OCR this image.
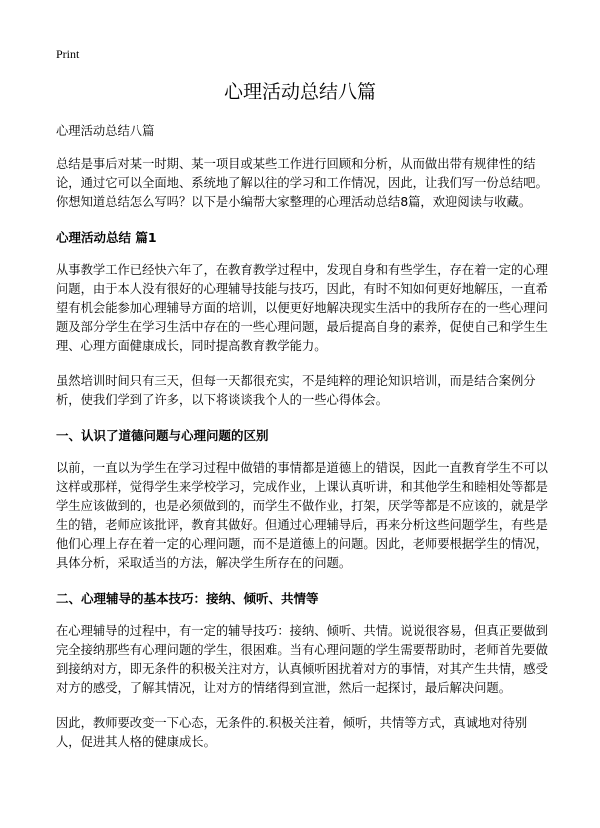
Print
心理活动总结八篇

心理活动总结八篇

总结是事后对某一时期、某一项目或某些工作进行回顾和分析，从而做出带有规律性的结论，通过它可以全面地、系统地了解以往的学习和工作情况，因此，让我们写一份总结吧。你想知道总结怎么写吗？以下是小编帮大家整理的心理活动总结8篇，欢迎阅读与收藏。

心理活动总结 篇1

从事教学工作已经快六年了，在教育教学过程中，发现自身和有些学生，存在着一定的心理问题，由于本人没有很好的心理辅导技能与技巧，因此，有时不知如何更好地解压，一直希望有机会能参加心理辅导方面的培训，以便更好地解决现实生活中的我所存在的一些心理问题及部分学生在学习生活中存在的一些心理问题，最后提高自身的素养，促使自己和学生生理、心理方面健康成长，同时提高教育教学能力。

虽然培训时间只有三天，但每一天都很充实，不是纯粹的理论知识培训，而是结合案例分析，使我们学到了许多，以下将谈谈我个人的一些心得体会。

一、认识了道德问题与心理问题的区别

以前，一直以为学生在学习过程中做错的事情都是道德上的错误，因此一直教育学生不可以这样或那样，觉得学生来学校学习，完成作业，上课认真听讲，和其他学生和睦相处等都是学生应该做到的，也是必须做到的，而学生不做作业，打架，厌学等都是不应该的，就是学生的错，老师应该批评，教育其做好。但通过心理辅导后，再来分析这些问题学生，有些是他们心理上存在着一定的心理问题，而不是道德上的问题。因此，老师要根据学生的情况，具体分析，采取适当的方法，解决学生所存在的问题。

二、心理辅导的基本技巧：接纳、倾听、共情等

在心理辅导的过程中，有一定的辅导技巧：接纳、倾听、共情。说说很容易，但真正要做到完全接纳那些有心理问题的学生，很困难。当有心理问题的学生需要帮助时，老师首先要做到接纳对方，即无条件的积极关注对方，认真倾听困扰着对方的事情，对其产生共情，感受对方的感受，了解其情况，让对方的情绪得到宣泄，然后一起探讨，最后解决问题。

因此，教师要改变一下心态，无条件的.积极关注着，倾听，共情等方式，真诚地对待别人，促进其人格的健康成长。
